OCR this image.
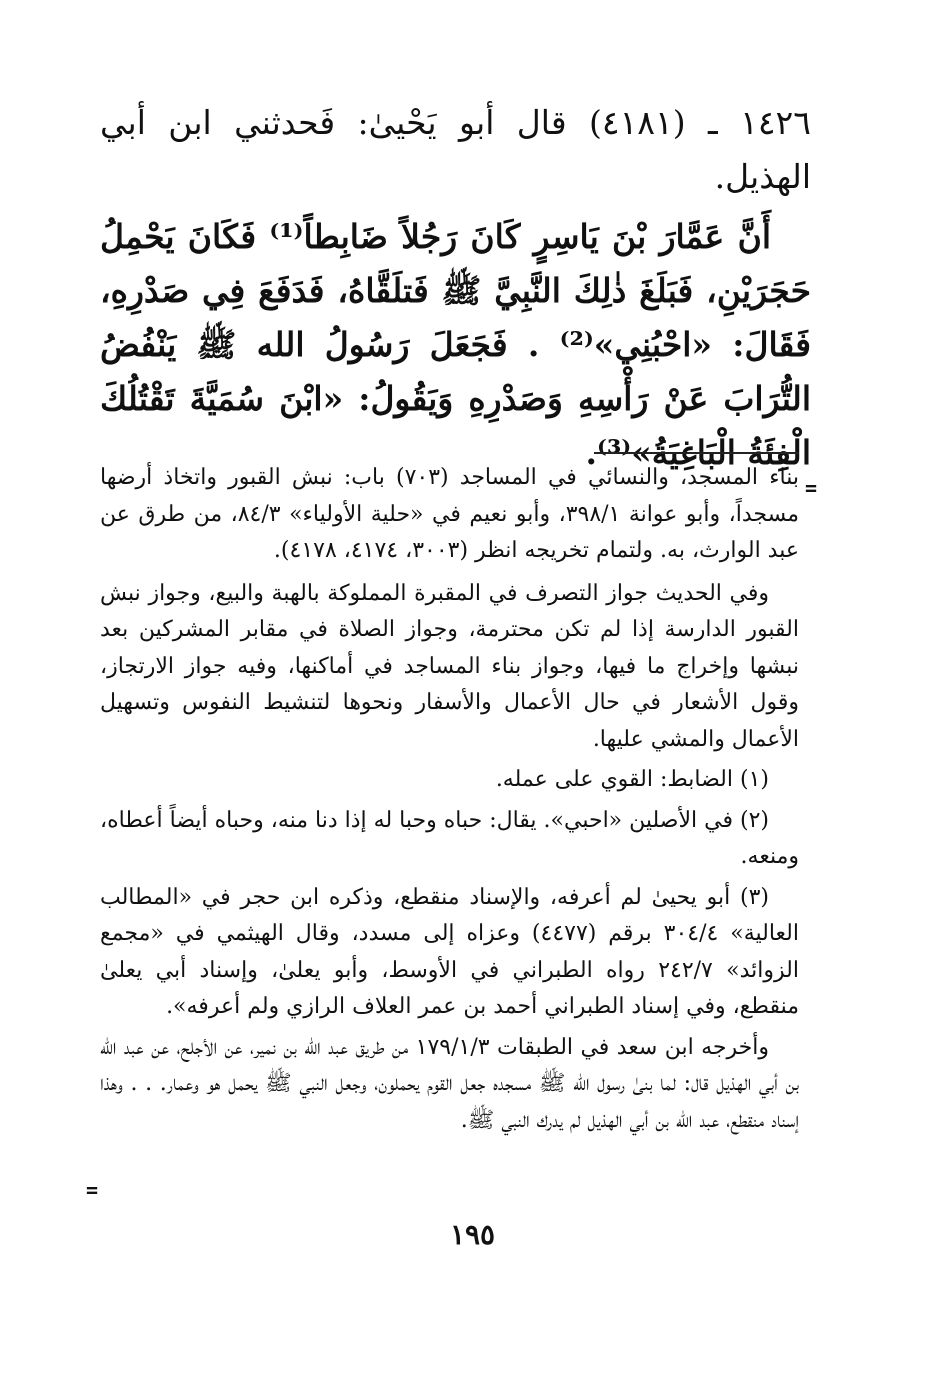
١٤٢٦ ـ (٤١٨١) قال أبو يَحْيىٰ: فَحدثني ابن أبي الهذيل.

أَنَّ عَمَّارَ بْنَ يَاسِرٍ كَانَ رَجُلاً ضَابِطاً⁽¹⁾ فَكَانَ يَحْمِلُ حَجَرَيْنِ، فَبَلَغَ ذٰلِكَ النَّبِيَّ ﷺ فَتلَقَّاهُ، فَدَفَعَ فِي صَدْرِهِ، فَقَالَ: «احْبُنِي»⁽²⁾ . فَجَعَلَ رَسُولُ الله ﷺ يَنْفُضُ التُّرَابَ عَنْ رَأْسِهِ وَصَدْرِهِ وَيَقُولُ: «ابْنَ سُمَيَّةَ تَقْتُلُكَ الْفِئَةُ الْبَاغِيَةُ»⁽³⁾.

=

بناء المسجد، والنسائي في المساجد (٧٠٣) باب: نبش القبور واتخاذ أرضها مسجداً، وأبو عوانة ٣٩٨/١، وأبو نعيم في «حلية الأولياء» ٨٤/٣، من طرق عن عبد الوارث، به. ولتمام تخريجه انظر (٣٠٠٣، ٤١٧٤، ٤١٧٨).

وفي الحديث جواز التصرف في المقبرة المملوكة بالهبة والبيع، وجواز نبش القبور الدارسة إذا لم تكن محترمة، وجواز الصلاة في مقابر المشركين بعد نبشها وإخراج ما فيها، وجواز بناء المساجد في أماكنها، وفيه جواز الارتجاز، وقول الأشعار في حال الأعمال والأسفار ونحوها لتنشيط النفوس وتسهيل الأعمال والمشي عليها.

(١) الضابط: القوي على عمله.

(٢) في الأصلين «احبي». يقال: حباه وحبا له إذا دنا منه، وحباه أيضاً أعطاه، ومنعه.

(٣) أبو يحيىٰ لم أعرفه، والإسناد منقطع، وذكره ابن حجر في «المطالب العالية» ٣٠٤/٤ برقم (٤٤٧٧) وعزاه إلى مسدد، وقال الهيثمي في «مجمع الزوائد» ٢٤٢/٧ رواه الطبراني في الأوسط، وأبو يعلىٰ، وإسناد أبي يعلىٰ منقطع، وفي إسناد الطبراني أحمد بن عمر العلاف الرازي ولم أعرفه».

وأخرجه ابن سعد في الطبقات ١٧٩/١/٣ من طريق عبد الله بن نمير، عن الأجلح، عن عبد الله بن أبي الهذيل قال: لما بنىٰ رسول الله ﷺ مسجده جعل القوم يحملون، وجعل النبي ﷺ يحمل هو وعمار. . . وهذا إسناد منقطع، عبد الله بن أبي الهذيل لم يدرك النبي ﷺ.

=
١٩٥
